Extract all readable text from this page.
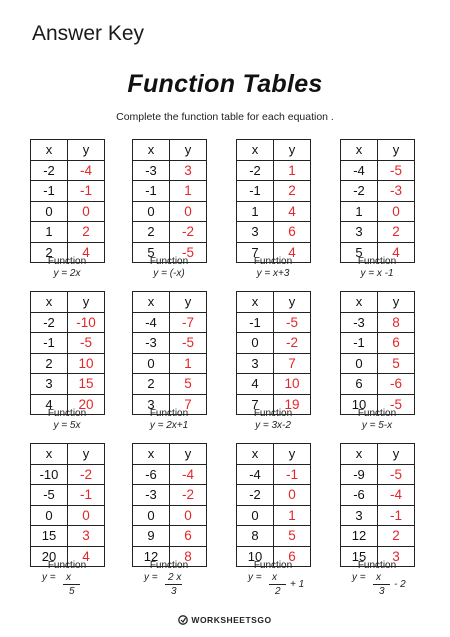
Answer Key
Function Tables
Complete the function table for each equation .
x	y
-2	-4
-1	-1
0	0
1	2
2	4
Function
y = 2x
x	y
-3	3
-1	1
0	0
2	-2
5	-5
Function
y = (-x)
x	y
-2	1
-1	2
1	4
3	6
7	4
Function
y = x+3
x	y
-4	-5
-2	-3
1	0
3	2
5	4
Function
y = x -1
x	y
-2	-10
-1	-5
2	10
3	15
4	20
Function
y = 5x
x	y
-4	-7
-3	-5
0	1
2	5
3	7
Function
y = 2x+1
x	y
-1	-5
0	-2
3	7
4	10
7	19
Function
y = 3x-2
x	y
-3	8
-1	6
0	5
6	-6
10	-5
Function
y = 5-x
x	y
-10	-2
-5	-1
0	0
15	3
20	4
Function
y = x
5
x	y
-6	-4
-3	-2
0	0
9	6
12	8
Function
y = 2 x
3
x	y
-4	-1
-2	0
0	1
8	5
10	6
Function
y = x
2
+ 1
x	y
-9	-5
-6	-4
3	-1
12	2
15	3
Function
y = x
3
- 2
WORKSHEETSGO
